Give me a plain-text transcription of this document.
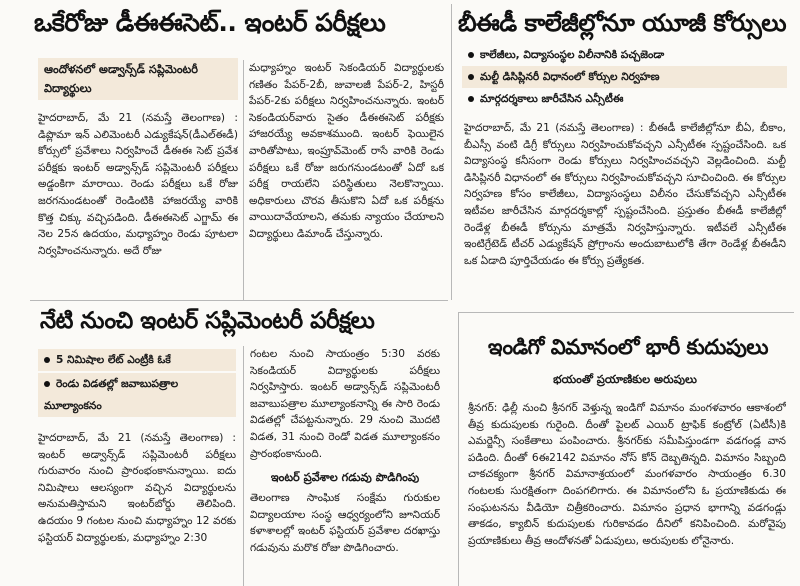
ఒకేరోజు డీఈఈసెట్.. ఇంటర్ పరీక్షలు
ఆందోళనలో అడ్వాన్స్‌డ్ సప్లిమెంటరీ విద్యార్థులు
హైదరాబాద్, మే 21 (నమస్తే తెలంగాణ) : డిప్లొమా ఇన్ ఎలిమెంటరీ ఎడ్యుకేషన్(డీఎల్ఈడీ) కోర్సులో ప్రవేశాలు నిర్వహించే డీఈఈ సెట్ ప్రవేశ పరీక్షకు ఇంటర్ అడ్వాన్స్‌డ్ సప్లిమెంటరీ పరీక్షలు అడ్డంకిగా మారాయి. రెండు పరీక్షలు ఒకే రోజు జరగనుండటంతో రెండింటికి హాజరయ్యే వారికి కొత్త చిక్కు వచ్చిపడింది. డీఈఈసెట్ ఎగ్జామ్ ఈ నెల 25న ఉదయం, మధ్యాహ్నం రెండు పూటలా నిర్వహించనున్నారు. అదే రోజు
మధ్యాహ్నం ఇంటర్ సెకండియర్ విద్యార్థులకు గణితం పేపర్-2బీ, జువాలజీ పేపర్-2, హిస్టరీ పేపర్-2కు పరీక్షలు నిర్వహించనున్నారు. ఇంటర్ సెకండియర్‌వారు సైతం డీఈఈసెట్ పరీక్షకు హాజరయ్యే అవకాశముంది. ఇంటర్ ఫెయిలైన వారితోపాటు, ఇంప్రూవ్‌మెంట్ రాసే వారికి రెండు పరీక్షలు ఒకే రోజు జరుగనుండటంతో ఏదో ఒక పరీక్ష రాయలేని పరిస్థితులు నెలకొన్నాయి. అధికారులు చొరవ తీసుకొని ఏదో ఒక పరీక్షను వాయిదావేయాలని, తమకు న్యాయం చేయాలని విద్యార్థులు డిమాండ్ చేస్తున్నారు.
బీఈడీ కాలేజీల్లోనూ యూజీ కోర్సులు
కాలేజీలు, విద్యాసంస్థల విలీనానికి పచ్చజెండా
మల్టీ డిసిప్లినరీ విధానంలో కోర్సుల నిర్వహణ
మార్గదర్శకాలు జారీచేసిన ఎన్సీటీఈ
హైదరాబాద్, మే 21 (నమస్తే తెలంగాణ) : బీఈడీ కాలేజీల్లోనూ బీఏ, బీకాం, బీఎస్సీ వంటి డిగ్రీ కోర్సులు నిర్వహించుకోవచ్చని ఎన్సీటీఈ స్పష్టంచేసింది. ఒక విద్యాసంస్థ కనీసంగా రెండు కోర్సులు నిర్వహించవచ్చని వెల్లడించింది. మల్టీ డిసిప్లినరీ విధానంలో ఈ కోర్సులు నిర్వహించుకోవచ్చని సూచించింది. ఈ కోర్సుల నిర్వహణ కోసం కాలేజీలు, విద్యాసంస్థలు విలీనం చేసుకోవచ్చని ఎన్సీటీఈ ఇటీవల జారీచేసిన మార్గదర్శకాల్లో స్పష్టంచేసింది. ప్రస్తుతం బీఈడీ కాలేజీల్లో రెండేళ్ల బీఈడీ కోర్సును మాత్రమే నిర్వహిస్తున్నారు. ఇటీవలే ఎన్సీటీఈ ఇంటిగ్రేటెడ్ టీచర్ ఎడ్యుకేషన్ ప్రోగ్రాంను అందుబాటులోకి తేగా రెండేళ్ల బీఈడీని ఒక ఏడాది పూర్తిచేయడం ఈ కోర్సు ప్రత్యేకత.
నేటి నుంచి ఇంటర్ సప్లిమెంటరీ పరీక్షలు
5 నిమిషాల లేట్ ఎంట్రీకి ఓకే
రెండు విడతల్లో జవాబుపత్రాల మూల్యాంకనం
హైదరాబాద్, మే 21 (నమస్తే తెలంగాణ) : ఇంటర్ అడ్వాన్స్‌డ్ సప్లిమెంటరీ పరీక్షలు గురువారం నుంచి ప్రారంభంకానున్నాయి. ఐదు నిమిషాలు ఆలస్యంగా వచ్చిన విద్యార్థులను అనుమతిస్తామని ఇంటర్‌బోర్డు తెలిపింది. ఉదయం 9 గంటల నుంచి మధ్యాహ్నం 12 వరకు ఫస్టియర్ విద్యార్థులకు, మధ్యాహ్నం 2:30
గంటల నుంచి సాయంత్రం 5:30 వరకు సెకండియర్ విద్యార్థులకు పరీక్షలు నిర్వహిస్తారు. ఇంటర్ అడ్వాన్స్‌డ్ సప్లిమెంటరీ జవాబుపత్రాల మూల్యాంకనాన్ని ఈ సారి రెండు విడతల్లో చేపట్టనున్నారు. 29 నుంచి మొదటి విడత, 31 నుంచి రెండో విడత మూల్యాంకనం ప్రారంభంకానుంది.
ఇంటర్ ప్రవేశాల గడువు పొడిగింపు
తెలంగాణ సాంఘిక సంక్షేమ గురుకుల విద్యాలయాల సంస్థ ఆధ్వర్యంలోని జూనియర్ కళాశాలల్లో ఇంటర్ ఫస్టియర్ ప్రవేశాల దరఖాస్తు గడువును మరొక రోజు పొడిగించారు.
ఇండిగో విమానంలో భారీ కుదుపులు
భయంతో ప్రయాణికుల అరుపులు
శ్రీనగర్: ఢిల్లీ నుంచి శ్రీనగర్ వెళ్తున్న ఇండిగో విమానం మంగళవారం ఆకాశంలో తీవ్ర కుదుపులకు గురైంది. దీంతో పైలట్ ఎయిర్ ట్రాఫిక్ కంట్రోల్ (ఏటీసీ)కి ఎమర్జెన్సీ సంకేతాలు పంపించారు. శ్రీనగర్‌కు సమీపిస్తుండగా వడగండ్ల వాన పడింది. దీంతో 6ఈ2142 విమానం నోస్ కోన్ దెబ్బతిన్నది. విమానం సిబ్బంది చాకచక్యంగా శ్రీనగర్ విమానాశ్రయంలో మంగళవారం సాయంత్రం 6.30 గంటలకు సురక్షితంగా దింపగలిగారు. ఈ విమానంలోని ఓ ప్రయాణికుడు ఈ సంఘటనను వీడియో చిత్రీకరించారు. విమానం ప్రధాన భాగాన్ని వడగండ్లు తాకడం, క్యాబిన్ కుదుపులకు గురికావడం దీనిలో కనిపించింది. మరోవైపు ప్రయాణికులు తీవ్ర ఆందోళనతో ఏడుపులు, అరుపులకు లోనైనారు.
